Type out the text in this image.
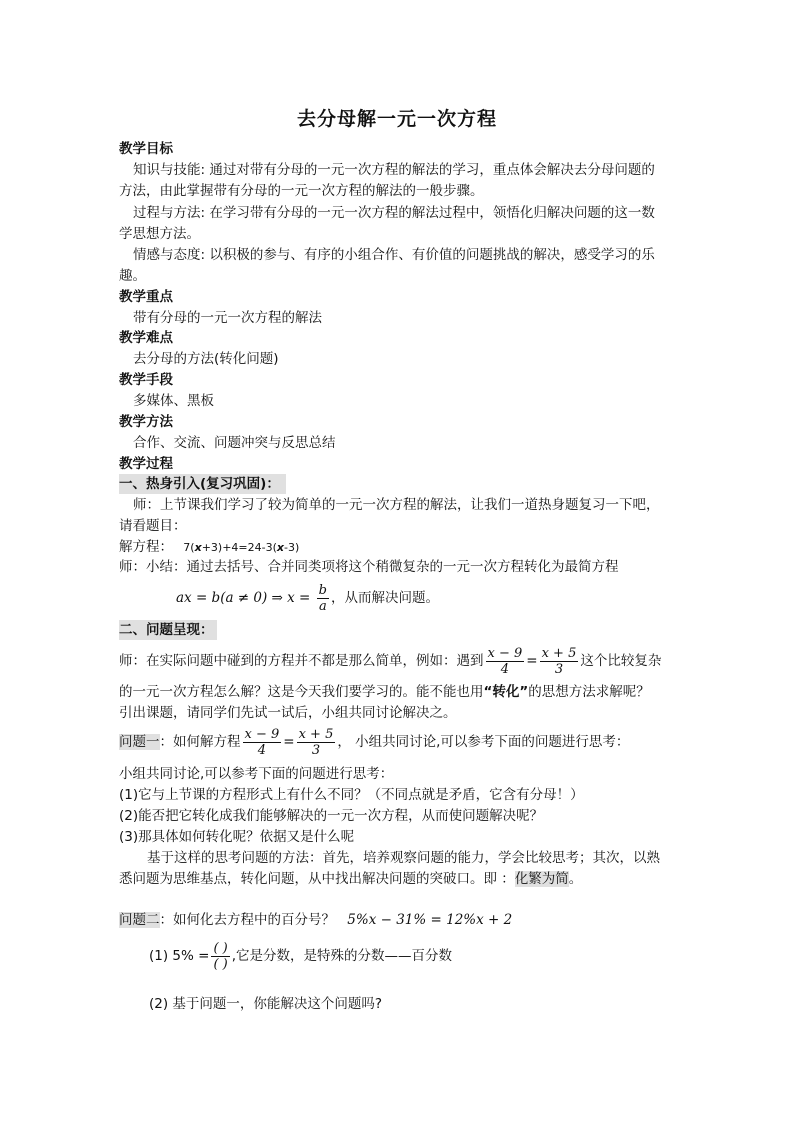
去分母解一元一次方程
教学目标
知识与技能: 通过对带有分母的一元一次方程的解法的学习，重点体会解决去分母问题的
方法，由此掌握带有分母的一元一次方程的解法的一般步骤。
过程与方法: 在学习带有分母的一元一次方程的解法过程中，领悟化归解决问题的这一数
学思想方法。
情感与态度: 以积极的参与、有序的小组合作、有价值的问题挑战的解决，感受学习的乐
趣。
教学重点
带有分母的一元一次方程的解法
教学难点
去分母的方法(转化问题)
教学手段
多媒体、黑板
教学方法
合作、交流、问题冲突与反思总结
教学过程
一、热身引入(复习巩固)：
师：上节课我们学习了较为简单的一元一次方程的解法，让我们一道热身题复习一下吧，
请看题目：
解方程： 7(x+3)+4=24-3(x-3)
师：小结：通过去括号、合并同类项将这个稍微复杂的一元一次方程转化为最简方程
ax = b(a ≠ 0) ⇒ $x = \frac{b}{a}$ ，从而解决问题。
二、问题呈现：
师：在实际问题中碰到的方程并不都是那么简单，例如：遇到 $\frac{x - 9}{4} = \frac{x + 5}{3}$ 这个比较复杂
的一元一次方程怎么解？这是今天我们要学习的。能不能也用“转化”的思想方法求解呢？
引出课题，请同学们先试一试后，小组共同讨论解决之。
问题一：如何解方程 $\frac{x - 9}{4} = \frac{x + 5}{3}$ ， 小组共同讨论,可以参考下面的问题进行思考：
小组共同讨论,可以参考下面的问题进行思考：
(1)它与上节课的方程形式上有什么不同？（不同点就是矛盾，它含有分母！）
(2)能否把它转化成我们能够解决的一元一次方程，从而使问题解决呢？
(3)那具体如何转化呢？依据又是什么呢
基于这样的思考问题的方法：首先，培养观察问题的能力，学会比较思考；其次，以熟
悉问题为思维基点，转化问题，从中找出解决问题的突破口。即 ：化繁为简。
问题二：如何化去方程中的百分号？ 5%x − 31% = 12%x + 2
(1) $5\% = \frac{( )}{( )}$ ,它是分数，是特殊的分数——百分数
(2) 基于问题一，你能解决这个问题吗?
